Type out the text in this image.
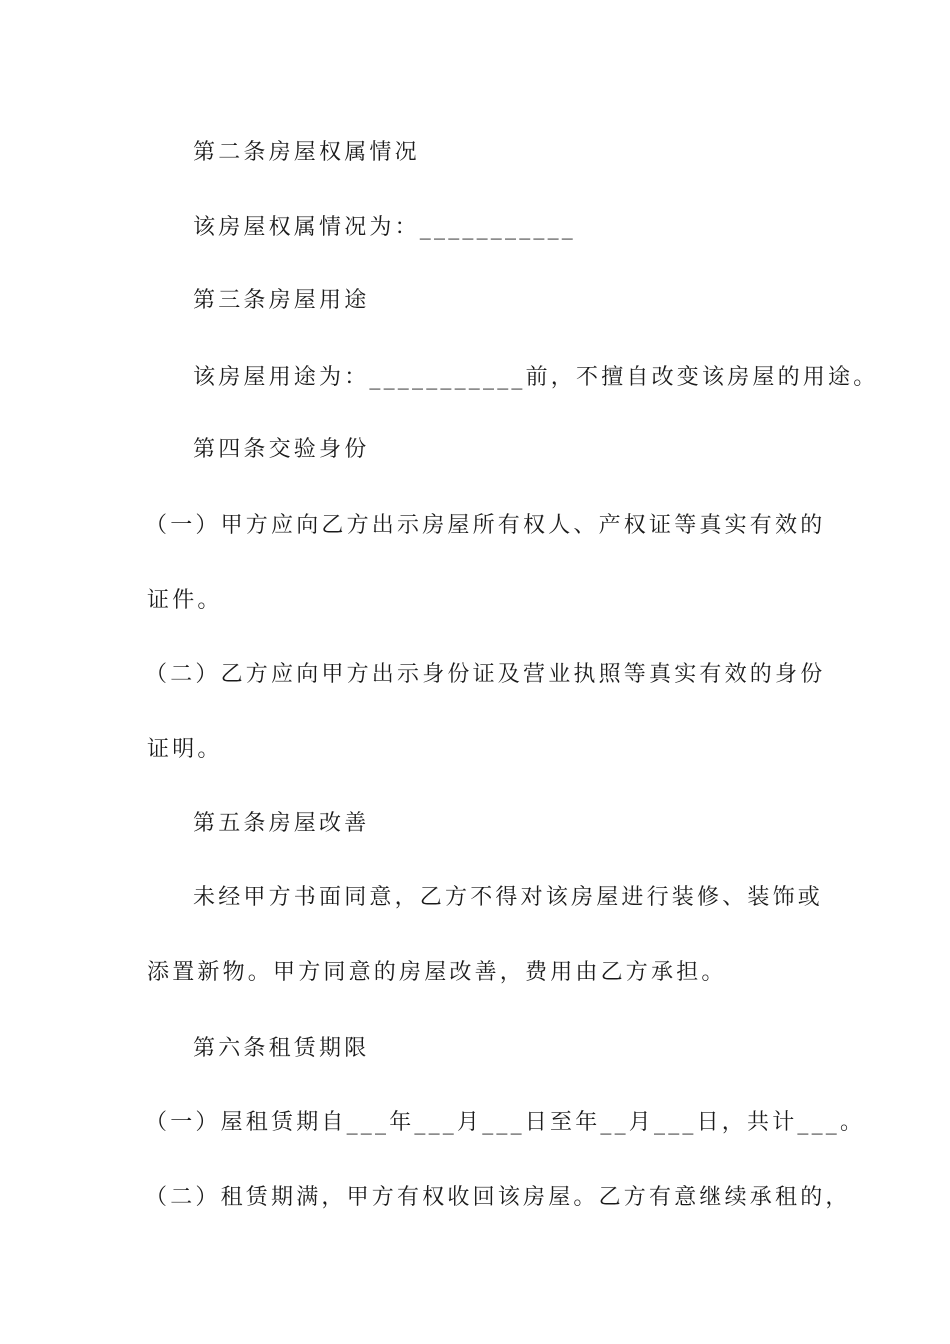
第二条房屋权属情况
该房屋权属情况为：___________
第三条房屋用途
该房屋用途为：___________前，不擅自改变该房屋的用途。
第四条交验身份
（一）甲方应向乙方出示房屋所有权人、产权证等真实有效的
证件。
（二）乙方应向甲方出示身份证及营业执照等真实有效的身份
证明。
第五条房屋改善
未经甲方书面同意，乙方不得对该房屋进行装修、装饰或
添置新物。甲方同意的房屋改善，费用由乙方承担。
第六条租赁期限
（一）屋租赁期自___年___月___日至年__月___日，共计___。
（二）租赁期满，甲方有权收回该房屋。乙方有意继续承租的，
